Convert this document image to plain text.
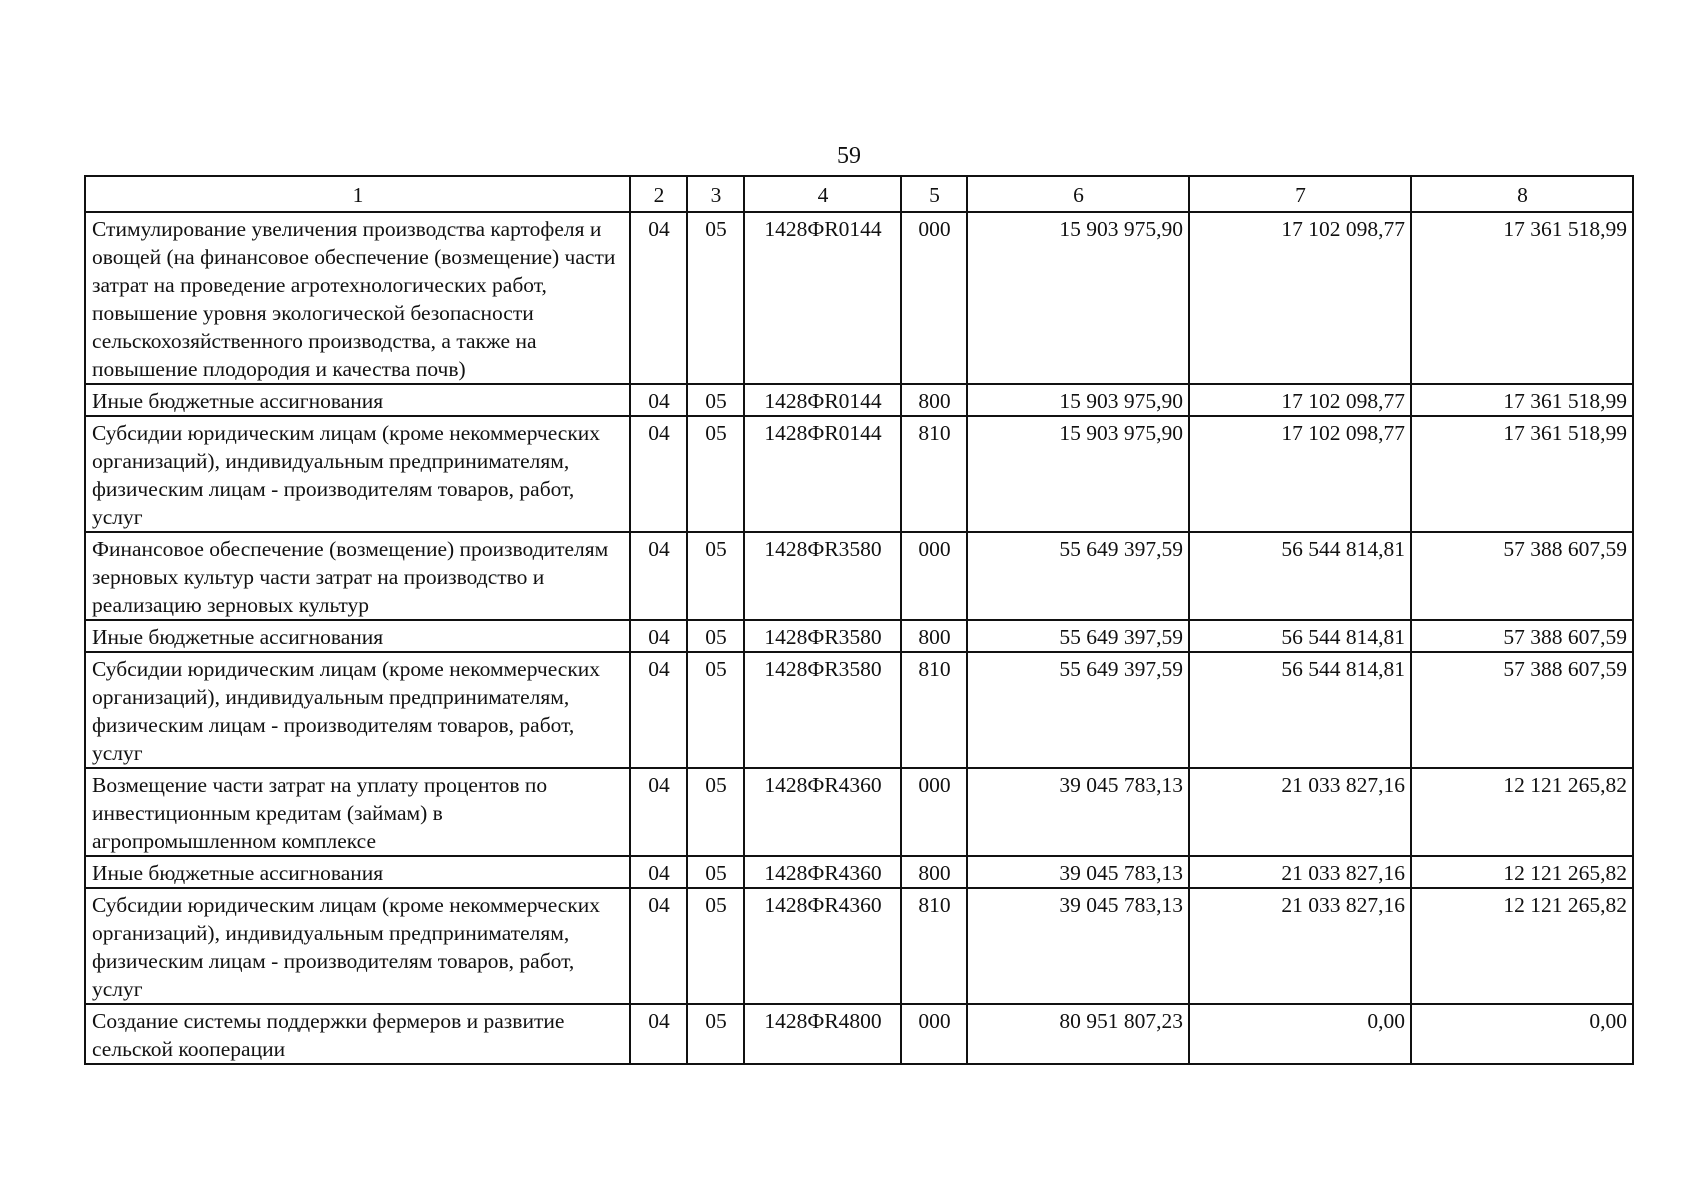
59
1	2	3	4	5	6	7	8
Стимулирование увеличения производства картофеля и овощей (на финансовое обеспечение (возмещение) части затрат на проведение агротехнологических работ, повышение уровня экологической безопасности сельскохозяйственного производства, а также на повышение плодородия и качества почв)	04	05	1428ФR0144	000	15 903 975,90	17 102 098,77	17 361 518,99
Иные бюджетные ассигнования	04	05	1428ФR0144	800	15 903 975,90	17 102 098,77	17 361 518,99
Субсидии юридическим лицам (кроме некоммерческих организаций), индивидуальным предпринимателям, физическим лицам - производителям товаров, работ, услуг	04	05	1428ФR0144	810	15 903 975,90	17 102 098,77	17 361 518,99
Финансовое обеспечение (возмещение) производителям зерновых культур части затрат на производство и реализацию зерновых культур	04	05	1428ФR3580	000	55 649 397,59	56 544 814,81	57 388 607,59
Иные бюджетные ассигнования	04	05	1428ФR3580	800	55 649 397,59	56 544 814,81	57 388 607,59
Субсидии юридическим лицам (кроме некоммерческих организаций), индивидуальным предпринимателям, физическим лицам - производителям товаров, работ, услуг	04	05	1428ФR3580	810	55 649 397,59	56 544 814,81	57 388 607,59
Возмещение части затрат на уплату процентов по инвестиционным кредитам (займам) в агропромышленном комплексе	04	05	1428ФR4360	000	39 045 783,13	21 033 827,16	12 121 265,82
Иные бюджетные ассигнования	04	05	1428ФR4360	800	39 045 783,13	21 033 827,16	12 121 265,82
Субсидии юридическим лицам (кроме некоммерческих организаций), индивидуальным предпринимателям, физическим лицам - производителям товаров, работ, услуг	04	05	1428ФR4360	810	39 045 783,13	21 033 827,16	12 121 265,82
Создание системы поддержки фермеров и развитие сельской кооперации	04	05	1428ФR4800	000	80 951 807,23	0,00	0,00
